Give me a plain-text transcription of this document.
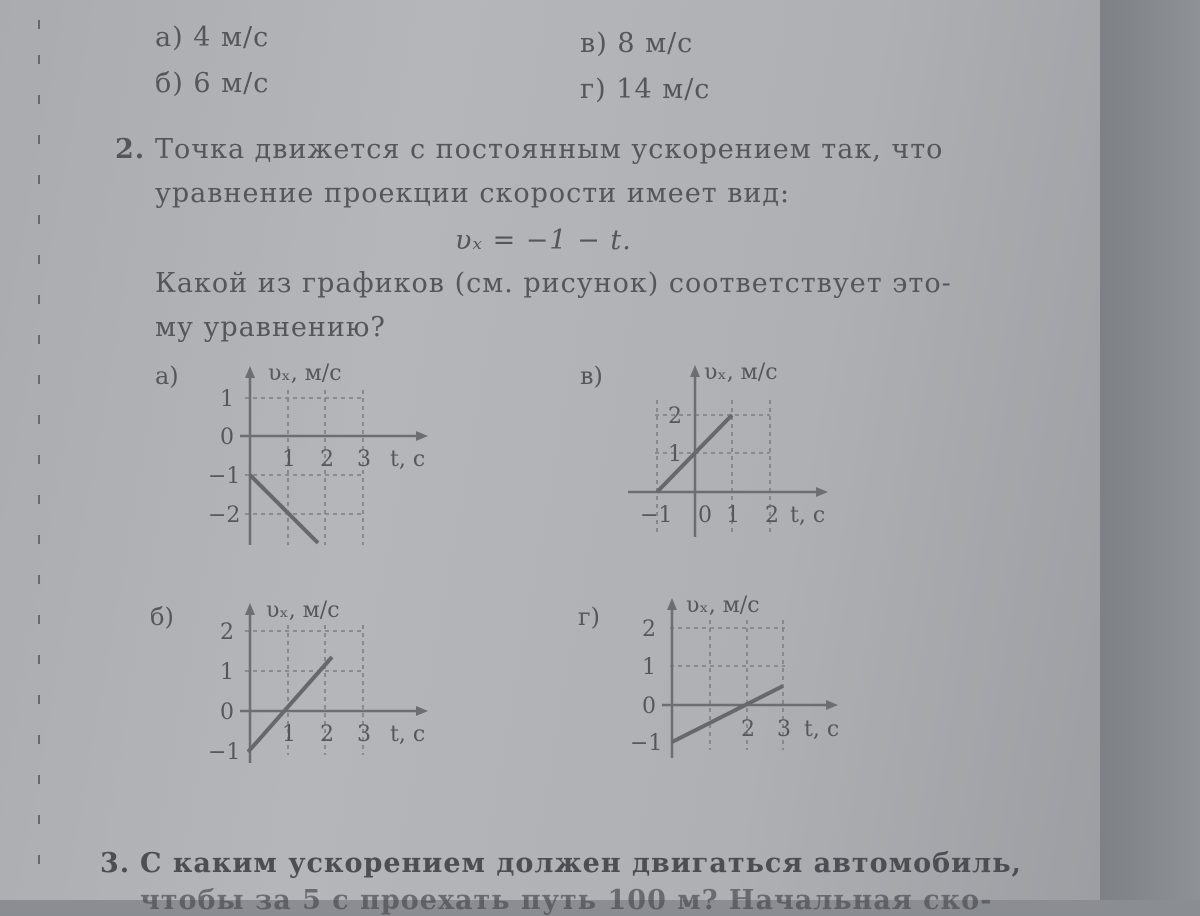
а) 4 м/с
б) 6 м/с
в) 8 м/с
г) 14 м/с
2. Точка движется с постоянным ускорением так, что
уравнение проекции скорости имеет вид:
υₓ = −1 − t.
Какой из графиков (см. рисунок) соответствует это-
му уравнению?
а)	υₓ, м/с
1
0
−1
−2
1 2 3 t, с
в)	υₓ, м/с
2
1
−1 0 1 2 t, с
б)	υₓ, м/с
2
1
0
−1
1 2 3 t, с
г)	υₓ, м/с
2
1
0
−1
2 3 t, с
3. С каким ускорением должен двигаться автомобиль,
чтобы за 5 с проехать путь 100 м? Начальная ско-
